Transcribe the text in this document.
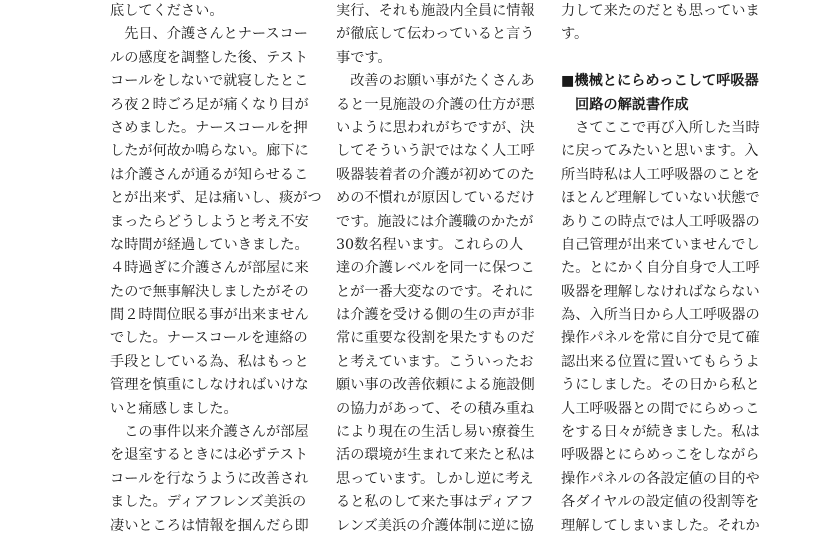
底してください。
　先日、介護さんとナースコー
ルの感度を調整した後、テスト
コールをしないで就寝したとこ
ろ夜２時ごろ足が痛くなり目が
さめました。ナースコールを押
したが何故か鳴らない。廊下に
は介護さんが通るが知らせるこ
とが出来ず、足は痛いし、痰がつ
まったらどうしようと考え不安
な時間が経過していきました。
４時過ぎに介護さんが部屋に来
たので無事解決しましたがその
間２時間位眠る事が出来ません
でした。ナースコールを連絡の
手段としている為、私はもっと
管理を慎重にしなければいけな
いと痛感しました。
　この事件以来介護さんが部屋
を退室するときには必ずテスト
コールを行なうように改善され
ました。ディアフレンズ美浜の
凄いところは情報を掴んだら即
実行、それも施設内全員に情報
が徹底して伝わっていると言う
事です。
　改善のお願い事がたくさんあ
ると一見施設の介護の仕方が悪
いように思われがちですが、決
してそういう訳ではなく人工呼
吸器装着者の介護が初めてのた
めの不慣れが原因しているだけ
です。施設には介護職のかたが
30数名程います。これらの人
達の介護レベルを同一に保つこ
とが一番大変なのです。それに
は介護を受ける側の生の声が非
常に重要な役割を果たすものだ
と考えています。こういったお
願い事の改善依頼による施設側
の協力があって、その積み重ね
により現在の生活し易い療養生
活の環境が生まれて来たと私は
思っています。しかし逆に考え
ると私のして来た事はディアフ
レンズ美浜の介護体制に逆に協
力して来たのだとも思っていま
す。
■機械とにらめっこして呼吸器
回路の解説書作成
　さてここで再び入所した当時
に戻ってみたいと思います。入
所当時私は人工呼吸器のことを
ほとんど理解していない状態で
ありこの時点では人工呼吸器の
自己管理が出来ていませんでし
た。とにかく自分自身で人工呼
吸器を理解しなければならない
為、入所当日から人工呼吸器の
操作パネルを常に自分で見て確
認出来る位置に置いてもらうよ
うにしました。その日から私と
人工呼吸器との間でにらめっこ
をする日々が続きました。私は
呼吸器とにらめっこをしながら
操作パネルの各設定値の目的や
各ダイヤルの設定値の役割等を
理解してしまいました。それか
